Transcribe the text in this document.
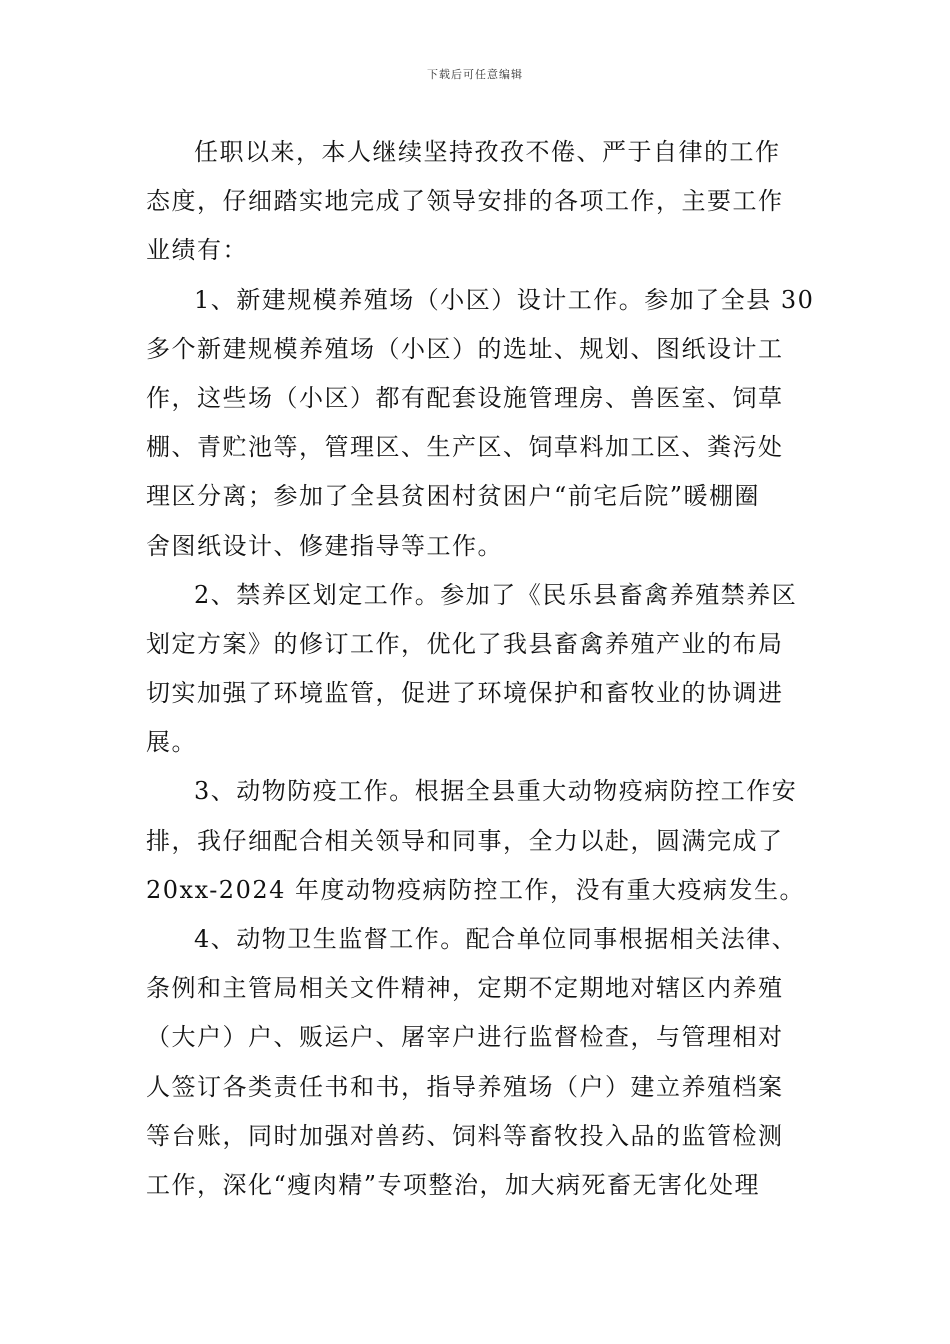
下载后可任意编辑
任职以来，本人继续坚持孜孜不倦、严于自律的工作
态度，仔细踏实地完成了领导安排的各项工作，主要工作
业绩有：
1、新建规模养殖场（小区）设计工作。参加了全县 30
多个新建规模养殖场（小区）的选址、规划、图纸设计工
作，这些场（小区）都有配套设施管理房、兽医室、饲草
棚、青贮池等，管理区、生产区、饲草料加工区、粪污处
理区分离；参加了全县贫困村贫困户“前宅后院”暖棚圈
舍图纸设计、修建指导等工作。
2、禁养区划定工作。参加了《民乐县畜禽养殖禁养区
划定方案》的修订工作，优化了我县畜禽养殖产业的布局
切实加强了环境监管，促进了环境保护和畜牧业的协调进
展。
3、动物防疫工作。根据全县重大动物疫病防控工作安
排，我仔细配合相关领导和同事，全力以赴，圆满完成了
20xx-2024 年度动物疫病防控工作，没有重大疫病发生。
4、动物卫生监督工作。配合单位同事根据相关法律、
条例和主管局相关文件精神，定期不定期地对辖区内养殖
（大户）户、贩运户、屠宰户进行监督检查，与管理相对
人签订各类责任书和书，指导养殖场（户）建立养殖档案
等台账，同时加强对兽药、饲料等畜牧投入品的监管检测
工作，深化“瘦肉精”专项整治，加大病死畜无害化处理
